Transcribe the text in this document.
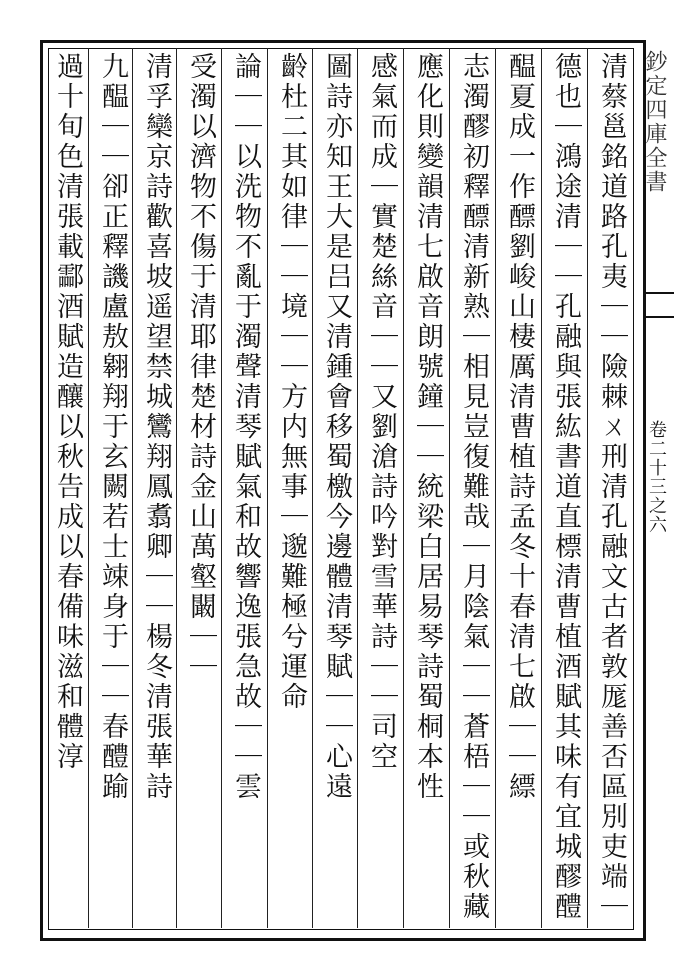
鈔定四庫全書
卷二十三之六
清蔡邕銘道路孔夷｜｜險棘ㄨ刑清孔融文古者敦厖善否區別吏端｜
德也｜鴻途清｜｜孔融與張紘書道直標清曹植酒賦其味有宜城醪醴
醖夏成一作醥劉峻山棲厲清曹植詩孟冬十春清七啟｜｜縹
志濁醪初釋醥清新熟｜相見豈復難哉｜月陰氣｜｜蒼梧｜｜或秋藏
應化則變韻清七啟音朗號鐘｜｜統梁白居易琴詩蜀桐本性
感氣而成｜實楚絲音｜｜又劉滄詩吟對雪華詩｜｜司空
圖詩亦知王大是吕又清鍾會移蜀檄今邊體清琴賦｜｜心遠
齡杜二其如律｜｜境｜｜方内無事｜邈難極兮運命
論｜｜以洗物不亂于濁聲清琴賦氣和故響逸張急故｜｜雲
受濁以濟物不傷于清耶律楚材詩金山萬壑闞｜｜
清孚欒京詩歡喜坡遥望禁城鸞翔鳳翥卿｜｜楊冬清張華詩
九醖｜｜卻正釋譏盧敖翱翔于玄闕若士竦身于｜｜春醴踰
過十旬色清張載酃酒賦造釀以秋告成以春備味滋和體淳
